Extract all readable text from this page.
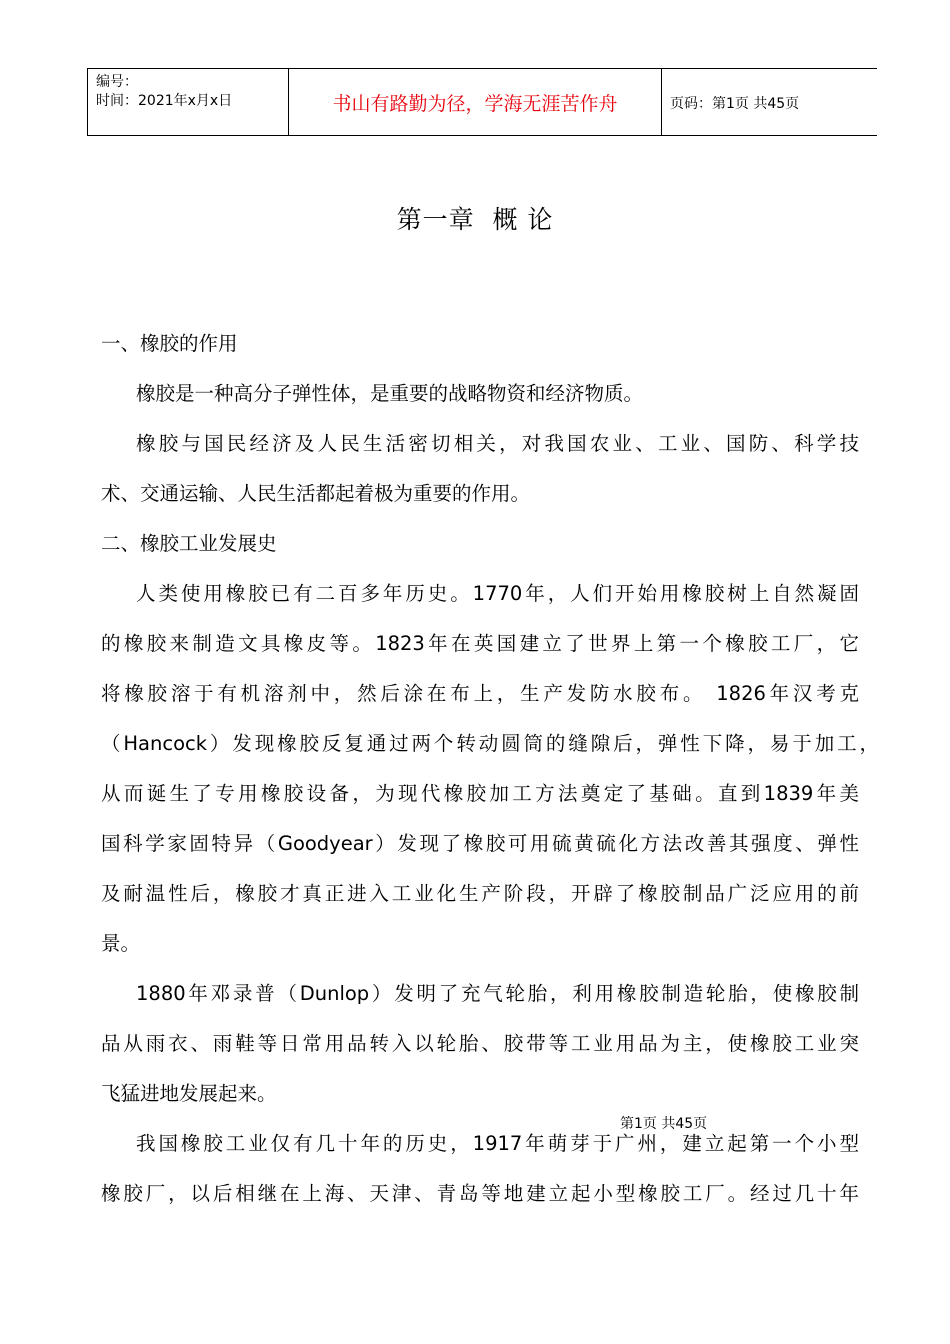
编号：
时间：2021年x月x日	书山有路勤为径，学海无涯苦作舟	页码：第1页 共45页
第一章  概 论
一、橡胶的作用
橡胶是一种高分子弹性体，是重要的战略物资和经济物质。
橡胶与国民经济及人民生活密切相关，对我国农业、工业、国防、科学技
术、交通运输、人民生活都起着极为重要的作用。
二、橡胶工业发展史
人类使用橡胶已有二百多年历史。1770年，人们开始用橡胶树上自然凝固
的橡胶来制造文具橡皮等。1823年在英国建立了世界上第一个橡胶工厂，它
将橡胶溶于有机溶剂中，然后涂在布上，生产发防水胶布。 1826年汉考克
（Hancock）发现橡胶反复通过两个转动圆筒的缝隙后，弹性下降，易于加工，
从而诞生了专用橡胶设备，为现代橡胶加工方法奠定了基础。直到1839年美
国科学家固特异（Goodyear）发现了橡胶可用硫黄硫化方法改善其强度、弹性
及耐温性后，橡胶才真正进入工业化生产阶段，开辟了橡胶制品广泛应用的前
景。
1880年邓录普（Dunlop）发明了充气轮胎，利用橡胶制造轮胎，使橡胶制
品从雨衣、雨鞋等日常用品转入以轮胎、胶带等工业用品为主，使橡胶工业突
飞猛进地发展起来。
我国橡胶工业仅有几十年的历史，1917年萌芽于广州，建立起第一个小型
橡胶厂，以后相继在上海、天津、青岛等地建立起小型橡胶工厂。经过几十年
第1页 共45页
